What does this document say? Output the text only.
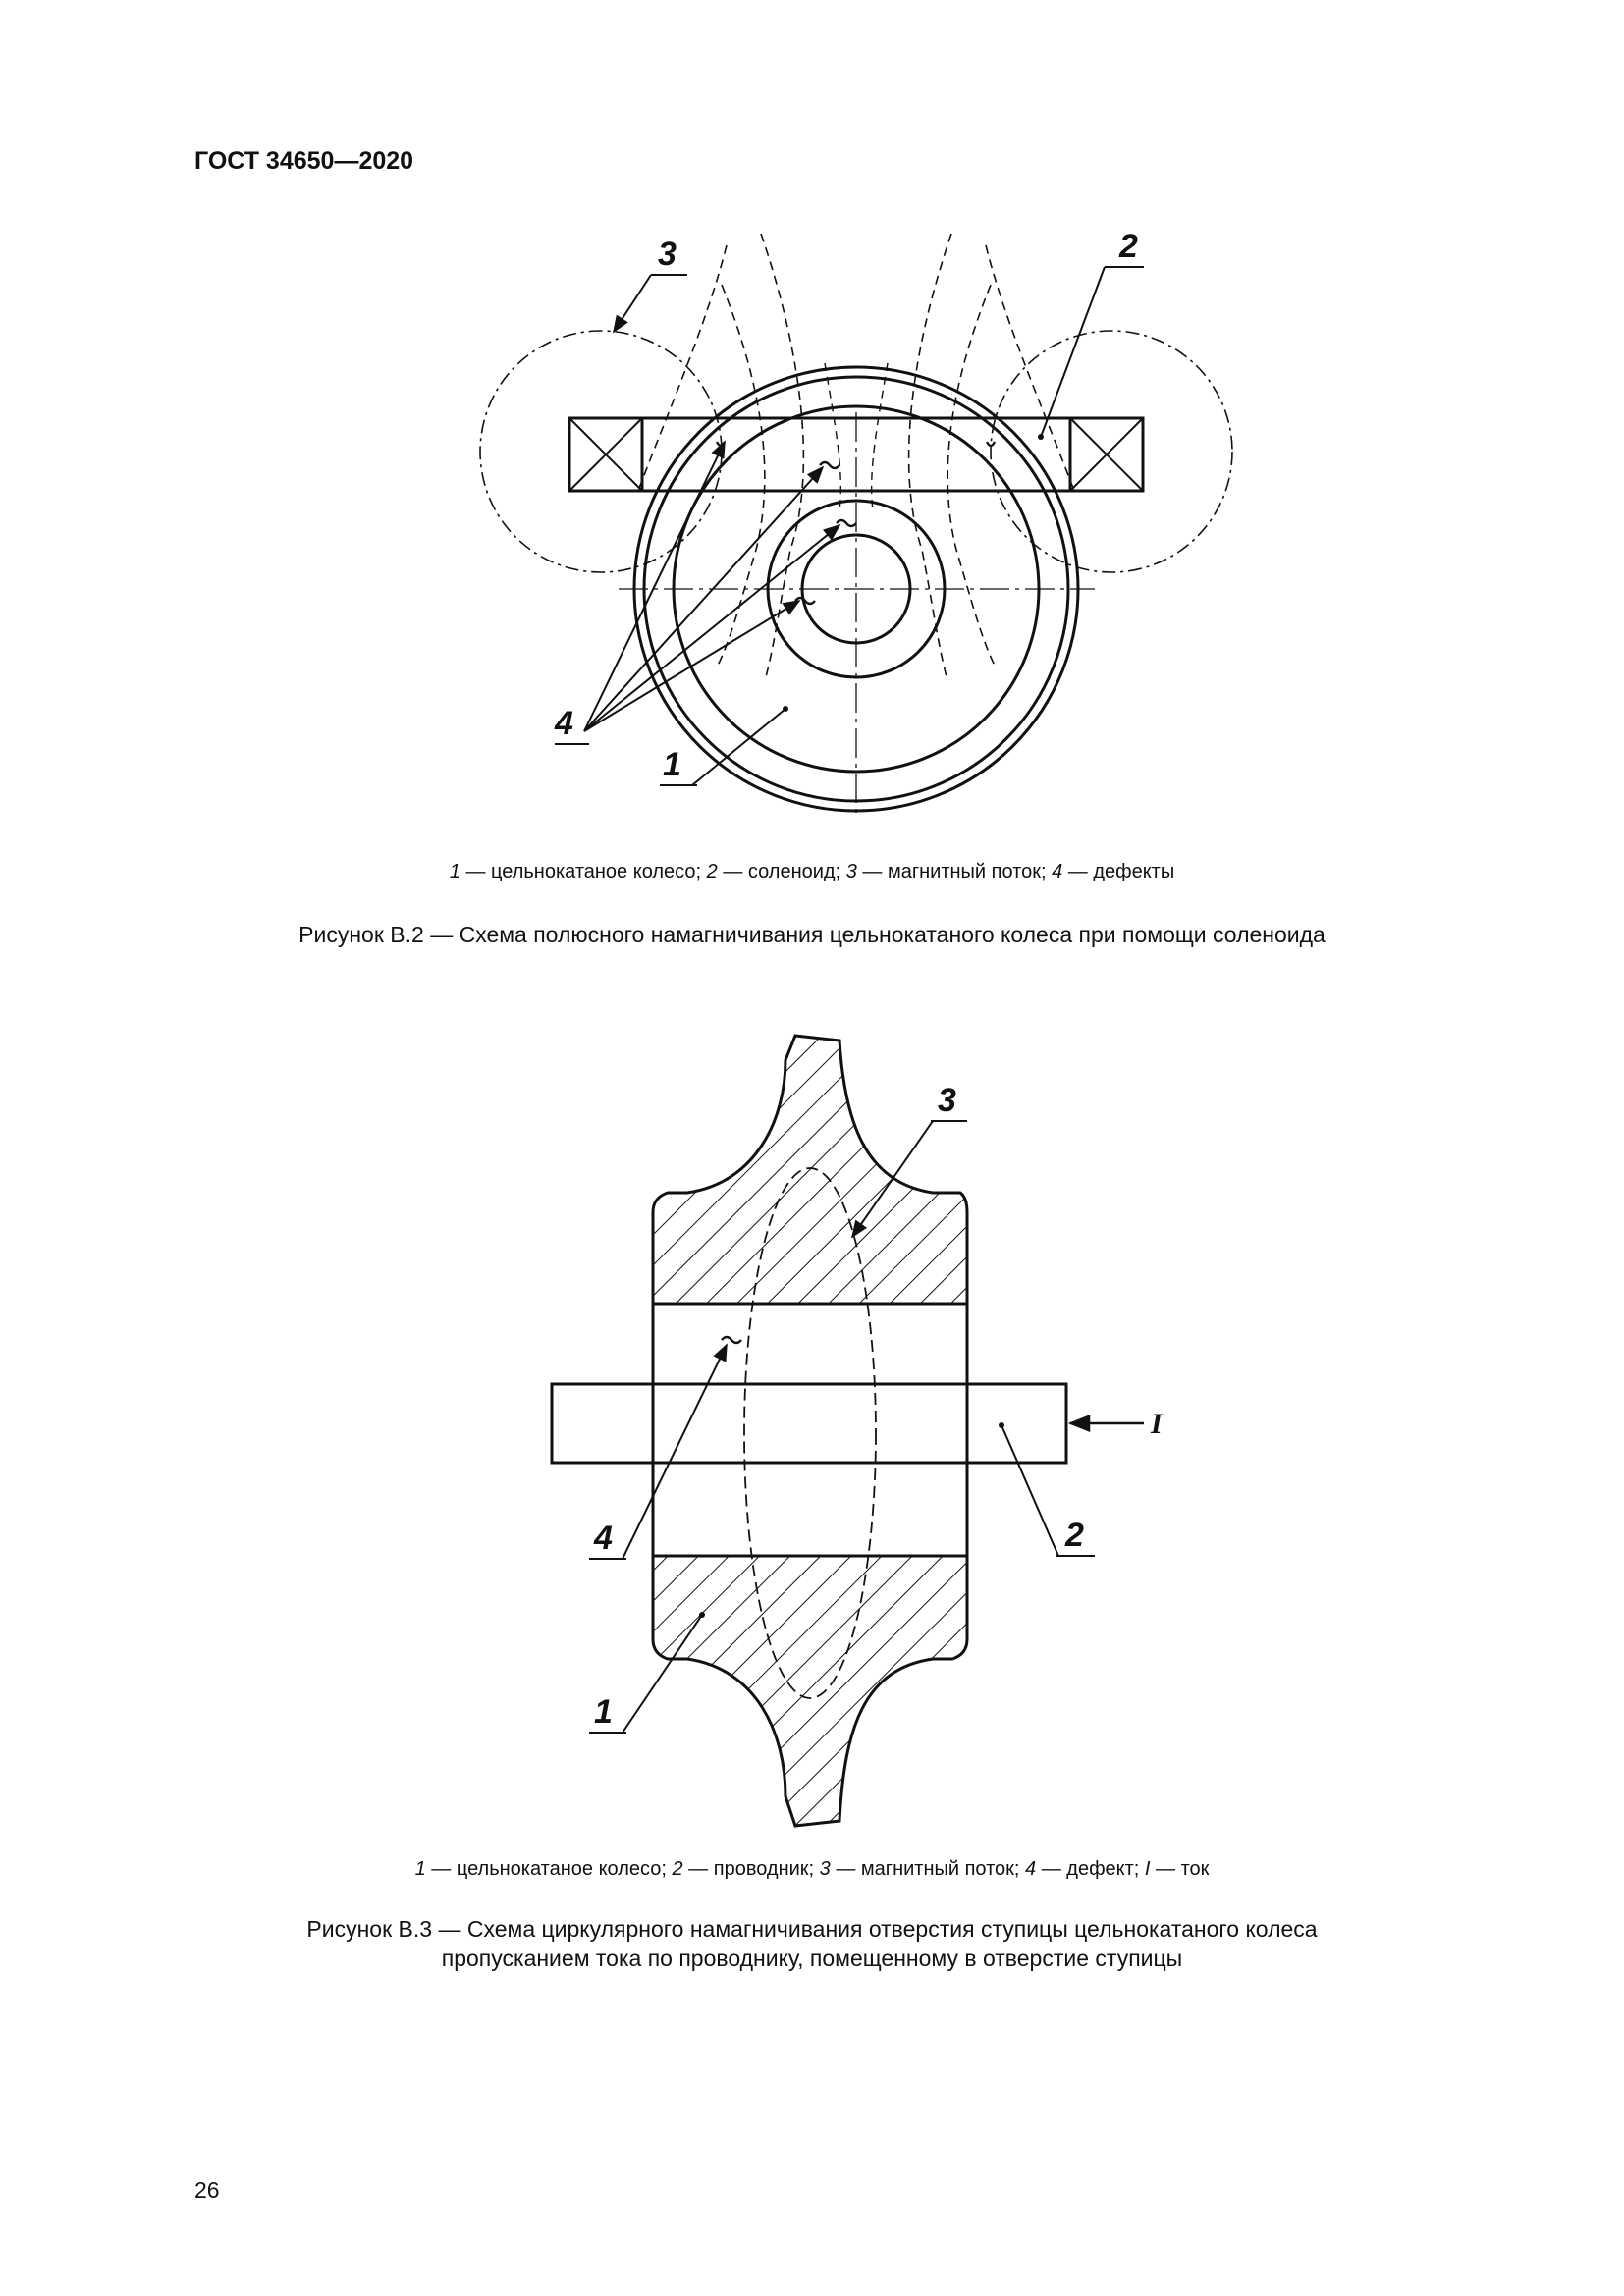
ГОСТ 34650—2020
3	2
4
1
1 — цельнокатаное колесо; 2 — соленоид; 3 — магнитный поток; 4 — дефекты
Рисунок В.2 — Схема полюсного намагничивания цельнокатаного колеса при помощи соленоида
3
4	2
1
I
1 — цельнокатаное колесо; 2 — проводник; 3 — магнитный поток; 4 — дефект; I — ток
Рисунок В.3 — Схема циркулярного намагничивания отверстия ступицы цельнокатаного колеса
пропусканием тока по проводнику, помещенному в отверстие ступицы
26
